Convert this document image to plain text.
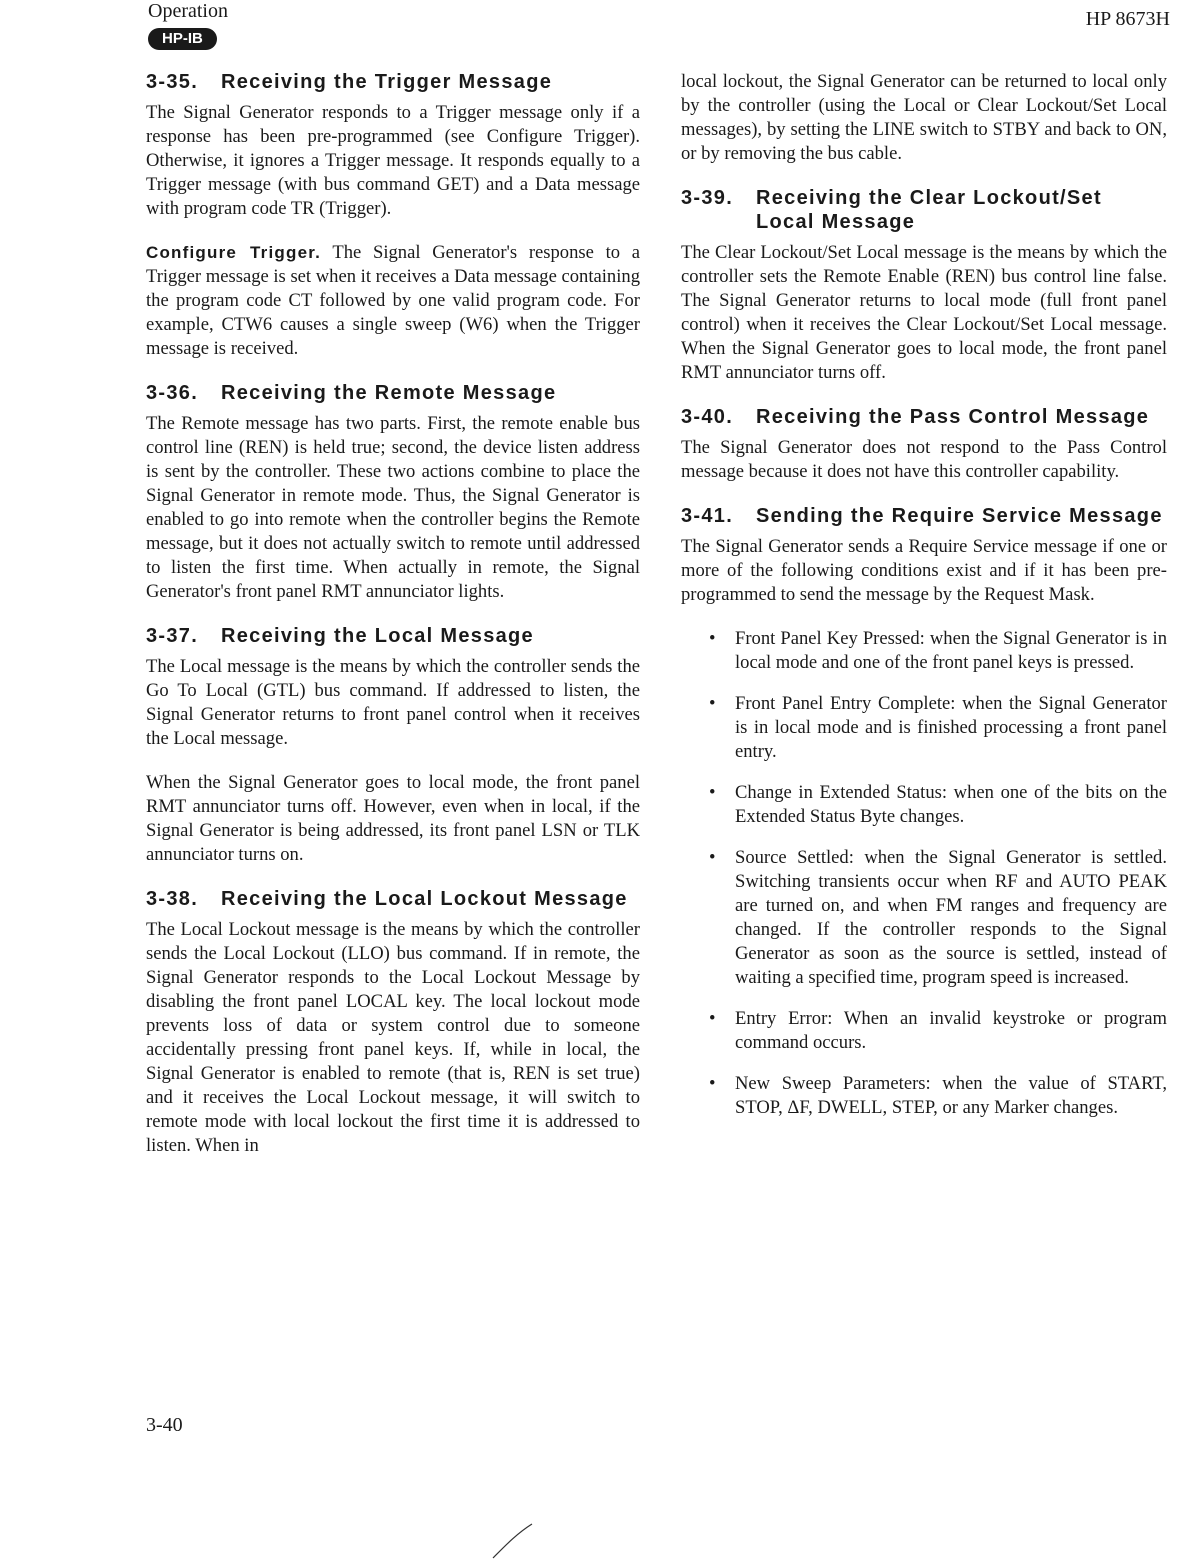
Operation
HP-IB
HP 8673H
3-35.	Receiving the Trigger Message

The Signal Generator responds to a Trigger message only if a response has been pre-programmed (see Configure Trigger). Otherwise, it ignores a Trigger message. It responds equally to a Trigger message (with bus command GET) and a Data message with program code TR (Trigger).

Configure Trigger. The Signal Generator's response to a Trigger message is set when it receives a Data message containing the program code CT followed by one valid program code. For example, CTW6 causes a single sweep (W6) when the Trigger message is received.

3-36.	Receiving the Remote Message

The Remote message has two parts. First, the remote enable bus control line (REN) is held true; second, the device listen address is sent by the controller. These two actions combine to place the Signal Generator in remote mode. Thus, the Signal Generator is enabled to go into remote when the controller begins the Remote message, but it does not actually switch to remote until addressed to listen the first time. When actually in remote, the Signal Generator's front panel RMT annunciator lights.

3-37.	Receiving the Local Message

The Local message is the means by which the controller sends the Go To Local (GTL) bus command. If addressed to listen, the Signal Generator returns to front panel control when it receives the Local message.

When the Signal Generator goes to local mode, the front panel RMT annunciator turns off. However, even when in local, if the Signal Generator is being addressed, its front panel LSN or TLK annunciator turns on.

3-38.	Receiving the Local Lockout Message

The Local Lockout message is the means by which the controller sends the Local Lockout (LLO) bus command. If in remote, the Signal Generator responds to the Local Lockout Message by disabling the front panel LOCAL key. The local lockout mode prevents loss of data or system control due to someone accidentally pressing front panel keys. If, while in local, the Signal Generator is enabled to remote (that is, REN is set true) and it receives the Local Lockout message, it will switch to remote mode with local lockout the first time it is addressed to listen. When in

local lockout, the Signal Generator can be returned to local only by the controller (using the Local or Clear Lockout/Set Local messages), by setting the LINE switch to STBY and back to ON, or by removing the bus cable.

3-39.	Receiving the Clear Lockout/Set Local Message

The Clear Lockout/Set Local message is the means by which the controller sets the Remote Enable (REN) bus control line false. The Signal Generator returns to local mode (full front panel control) when it receives the Clear Lockout/Set Local message. When the Signal Generator goes to local mode, the front panel RMT annunciator turns off.

3-40.	Receiving the Pass Control Message

The Signal Generator does not respond to the Pass Control message because it does not have this controller capability.

3-41.	Sending the Require Service Message

The Signal Generator sends a Require Service message if one or more of the following conditions exist and if it has been pre-programmed to send the message by the Request Mask.

• Front Panel Key Pressed: when the Signal Generator is in local mode and one of the front panel keys is pressed.
• Front Panel Entry Complete: when the Signal Generator is in local mode and is finished processing a front panel entry.
• Change in Extended Status: when one of the bits on the Extended Status Byte changes.
• Source Settled: when the Signal Generator is settled. Switching transients occur when RF and AUTO PEAK are turned on, and when FM ranges and frequency are changed. If the controller responds to the Signal Generator as soon as the source is settled, instead of waiting a specified time, program speed is increased.
• Entry Error: When an invalid keystroke or program command occurs.
• New Sweep Parameters: when the value of START, STOP, ΔF, DWELL, STEP, or any Marker changes.
3-40
